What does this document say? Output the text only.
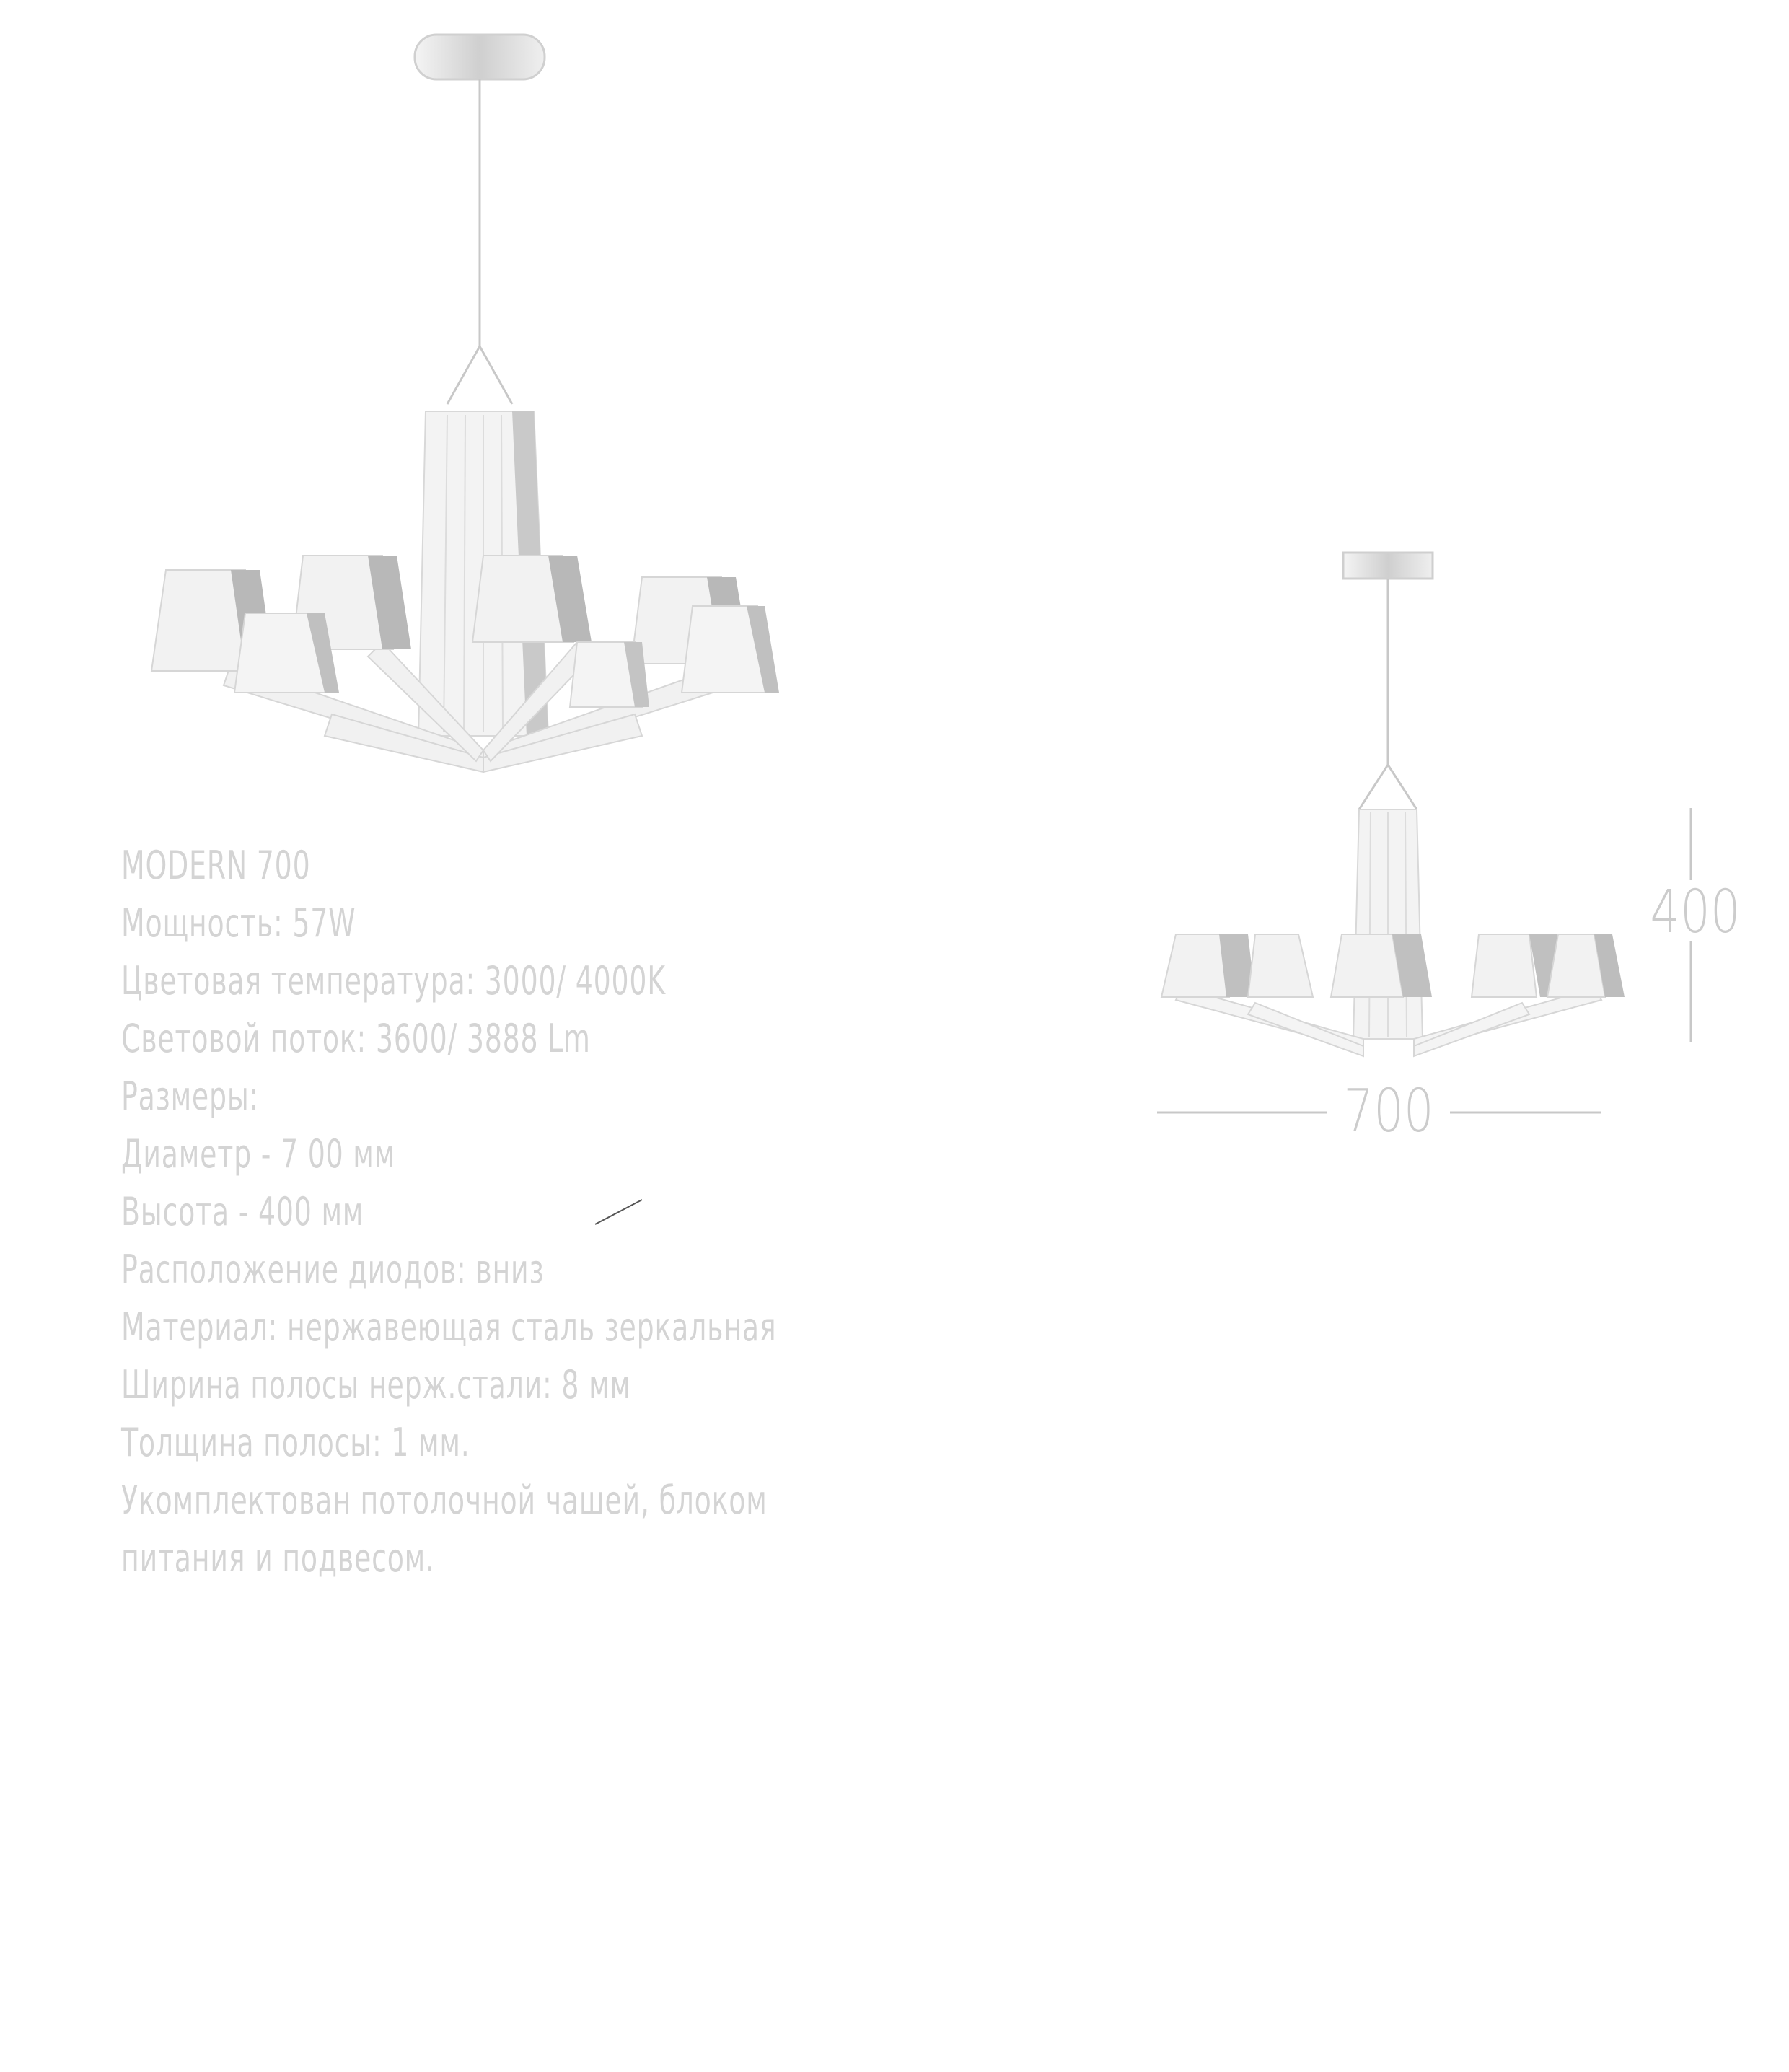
MODERN 700
Мощность: 57W
Цветовая температура: 3000/ 4000K
Световой поток: 3600/ 3888 Lm
Размеры:
Диаметр - 7 00 мм
Высота - 400 мм
Расположение диодов: вниз
Материал: нержавеющая сталь зеркальная
Ширина полосы нерж.стали: 8 мм
Толщина полосы: 1 мм.
Укомплектован потолочной чашей, блоком
питания и подвесом.
700
400
